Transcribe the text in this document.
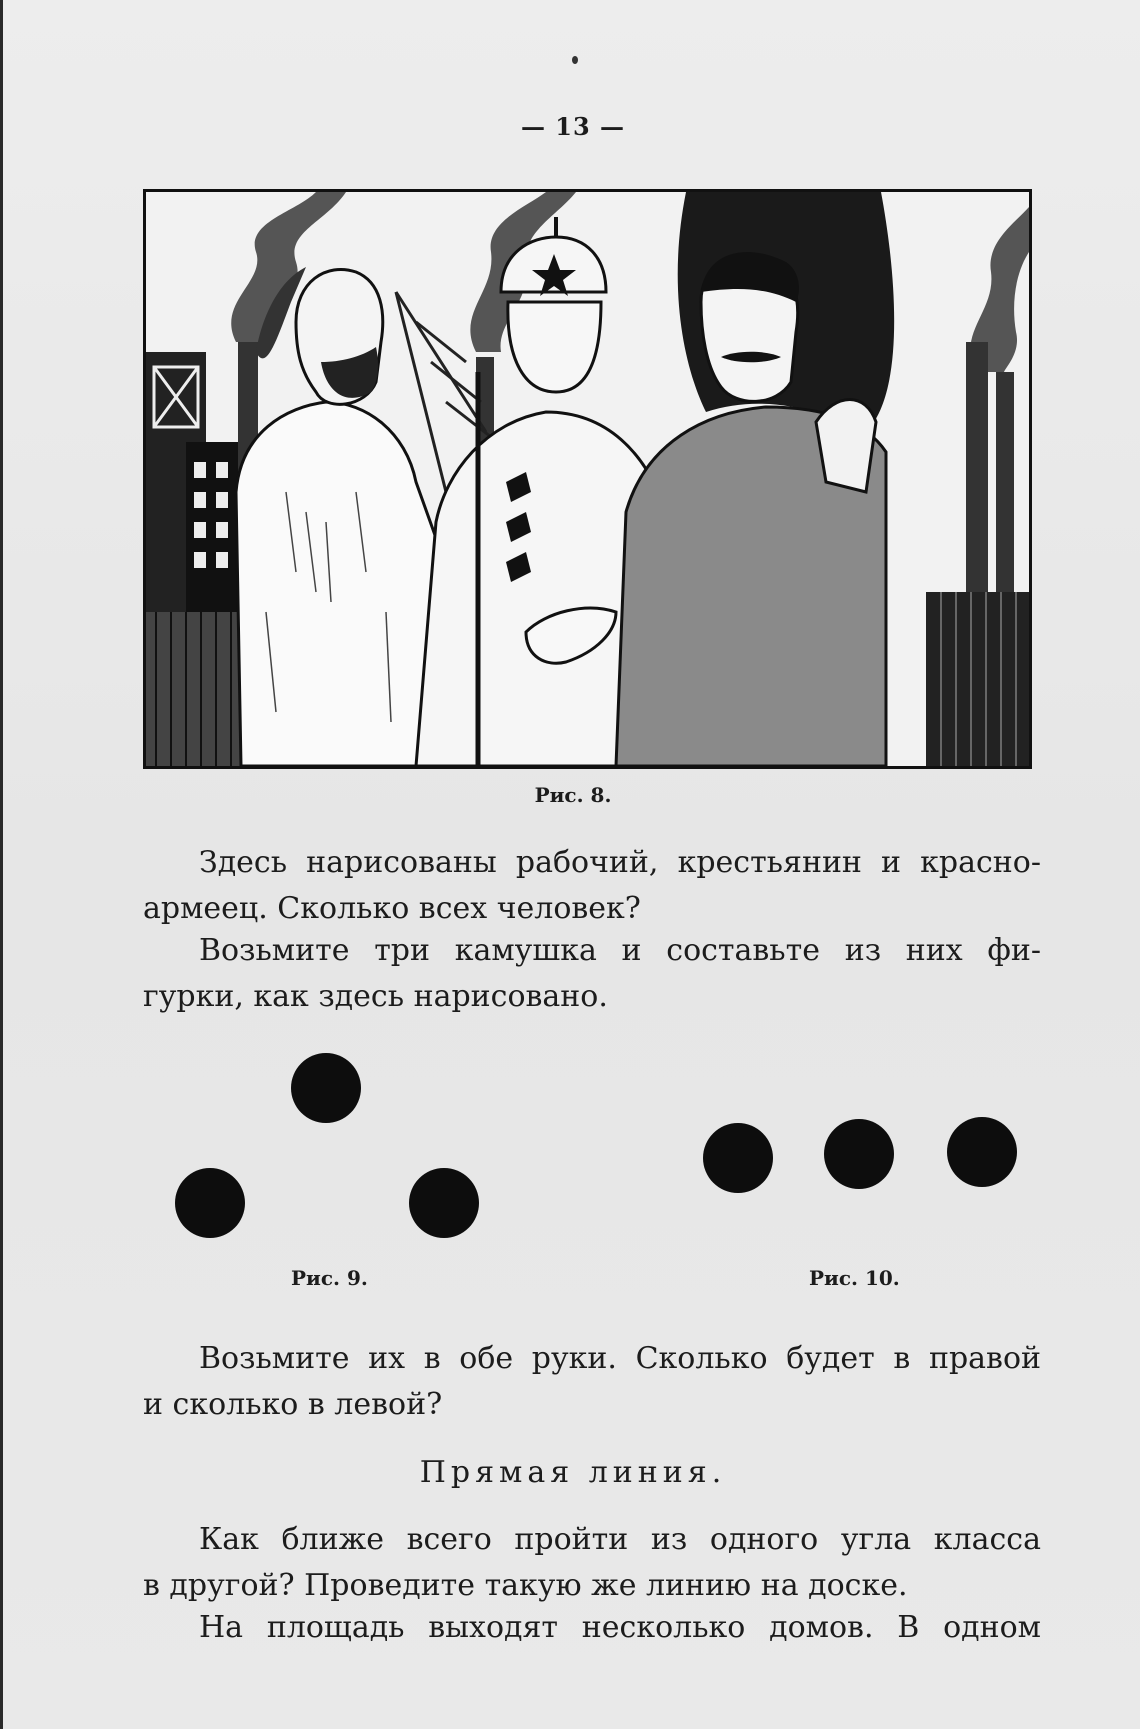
— 13 —
Рис. 8.
Здесь нарисованы рабочий, крестьянин и красно-
армеец. Сколько всех человек?
Возьмите три камушка и составьте из них фи-
гурки, как здесь нарисовано.
Рис. 9.	Рис. 10.
Возьмите их в обе руки. Сколько будет в правой
и сколько в левой?
Прямая линия.
Как ближе всего пройти из одного угла класса
в другой? Проведите такую же линию на доске.
На площадь выходят несколько домов. В одном
